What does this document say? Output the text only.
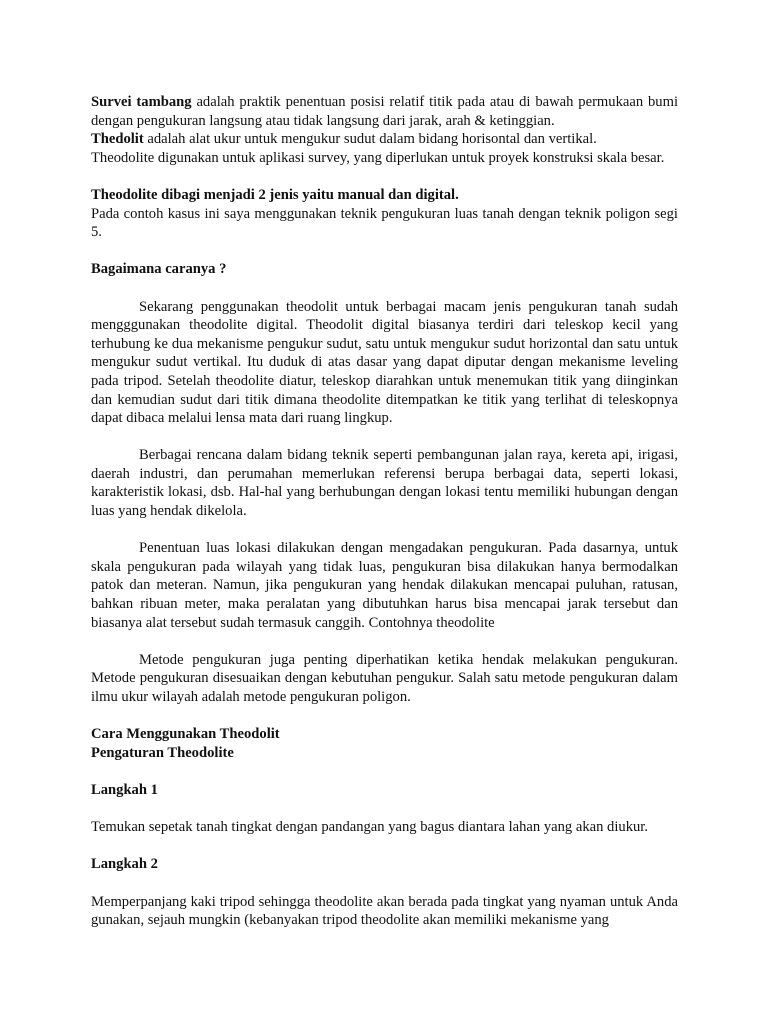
Survei tambang adalah praktik penentuan posisi relatif titik pada atau di bawah permukaan bumi dengan pengukuran langsung atau tidak langsung dari jarak, arah & ketinggian.

Thedolit adalah alat ukur untuk mengukur sudut dalam bidang horisontal dan vertikal.

Theodolite digunakan untuk aplikasi survey, yang diperlukan untuk proyek konstruksi skala besar.

Theodolite dibagi menjadi 2 jenis yaitu manual dan digital.

Pada contoh kasus ini saya menggunakan teknik pengukuran luas tanah dengan teknik poligon segi 5.

Bagaimana caranya ?

Sekarang penggunakan theodolit untuk berbagai macam jenis pengukuran tanah sudah mengggunakan theodolite digital. Theodolit digital biasanya terdiri dari teleskop kecil yang terhubung ke dua mekanisme pengukur sudut, satu untuk mengukur sudut horizontal dan satu untuk mengukur sudut vertikal. Itu duduk di atas dasar yang dapat diputar dengan mekanisme leveling pada tripod. Setelah theodolite diatur, teleskop diarahkan untuk menemukan titik yang diinginkan dan kemudian sudut dari titik dimana theodolite ditempatkan ke titik yang terlihat di teleskopnya dapat dibaca melalui lensa mata dari ruang lingkup.

Berbagai rencana dalam bidang teknik seperti pembangunan jalan raya, kereta api, irigasi, daerah industri, dan perumahan memerlukan referensi berupa berbagai data, seperti lokasi, karakteristik lokasi, dsb. Hal-hal yang berhubungan dengan lokasi tentu memiliki hubungan dengan luas yang hendak dikelola.

Penentuan luas lokasi dilakukan dengan mengadakan pengukuran. Pada dasarnya, untuk skala pengukuran pada wilayah yang tidak luas, pengukuran bisa dilakukan hanya bermodalkan patok dan meteran. Namun, jika pengukuran yang hendak dilakukan mencapai puluhan, ratusan, bahkan ribuan meter, maka peralatan yang dibutuhkan harus bisa mencapai jarak tersebut dan biasanya alat tersebut sudah termasuk canggih. Contohnya theodolite

Metode pengukuran juga penting diperhatikan ketika hendak melakukan pengukuran. Metode pengukuran disesuaikan dengan kebutuhan pengukur. Salah satu metode pengukuran dalam ilmu ukur wilayah adalah metode pengukuran poligon.

Cara Menggunakan Theodolit

Pengaturan Theodolite

Langkah 1

Temukan sepetak tanah tingkat dengan pandangan yang bagus diantara lahan yang akan diukur.

Langkah 2

Memperpanjang kaki tripod sehingga theodolite akan berada pada tingkat yang nyaman untuk Anda gunakan, sejauh mungkin (kebanyakan tripod theodolite akan memiliki mekanisme yang
